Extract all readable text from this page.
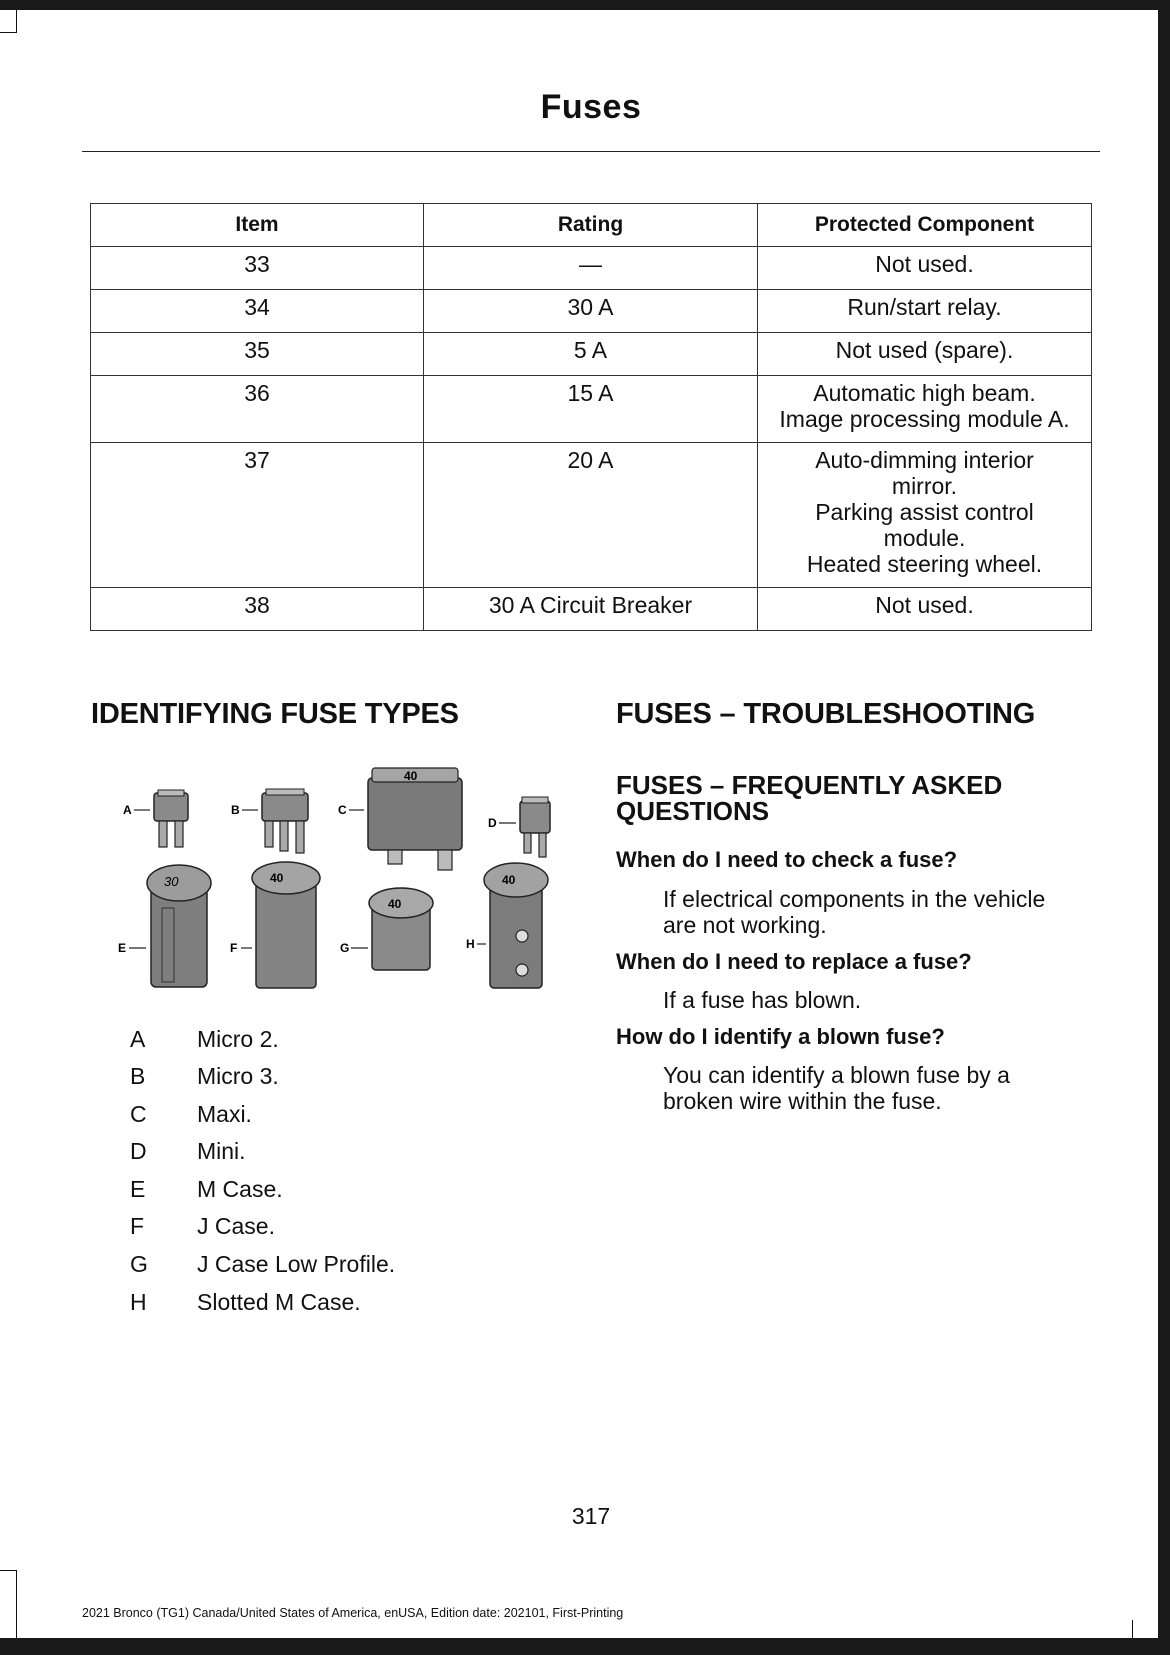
Fuses
Item	Rating	Protected Component
33	—	Not used.

34	30 A	Run/start relay.

35	5 A	Not used (spare).

36	15 A	Automatic high beam.
Image processing module A.

37	20 A	Auto-dimming interior
mirror.
Parking assist control
module.
Heated steering wheel.

38	30 A Circuit Breaker	Not used.
IDENTIFYING FUSE TYPES
A	B
40
C
D
30
E
40
F
40
G
40
H
A	Micro 2.
B	Micro 3.
C	Maxi.
D	Mini.
E	M Case.
F	J Case.
G	J Case Low Profile.
H	Slotted M Case.
FUSES – TROUBLESHOOTING
FUSES – FREQUENTLY ASKED
QUESTIONS
When do I need to check a fuse?
If electrical components in the vehicle
are not working.
When do I need to replace a fuse?
If a fuse has blown.
How do I identify a blown fuse?
You can identify a blown fuse by a
broken wire within the fuse.
317
2021 Bronco (TG1) Canada/United States of America, enUSA, Edition date: 202101, First-Printing
